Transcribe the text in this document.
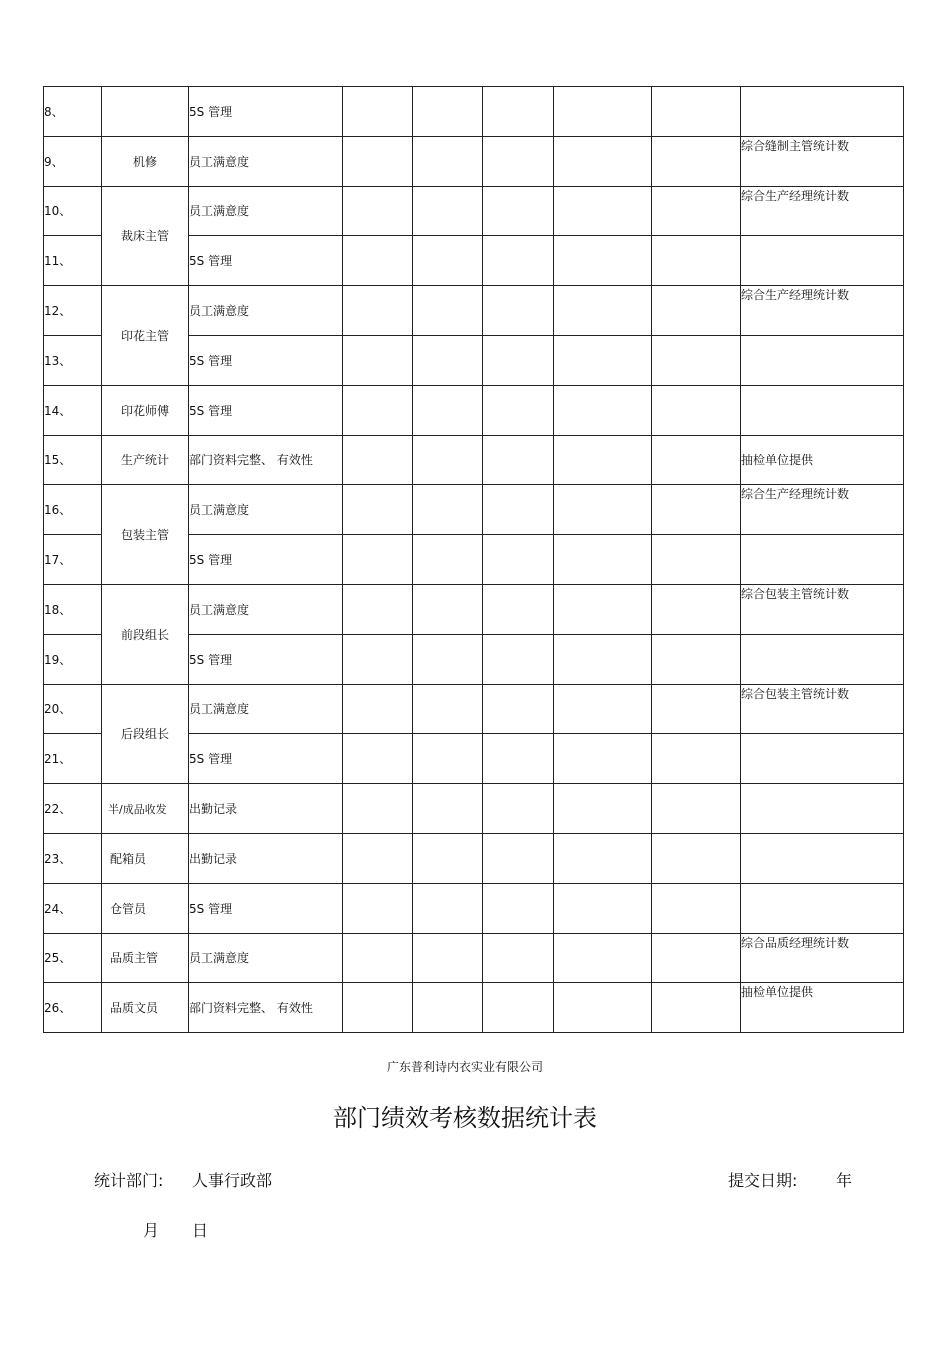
8、		5S 管理						
9、	机修	员工满意度						综合缝制主管统计数
10、	裁床主管	员工满意度						综合生产经理统计数
11、		5S 管理						
12、	印花主管	员工满意度						综合生产经理统计数
13、		5S 管理						
14、	印花师傅	5S 管理						
15、	生产统计	部门资料完整、 有效性						抽检单位提供
16、	包装主管	员工满意度						综合生产经理统计数
17、		5S 管理						
18、	前段组长	员工满意度						综合包装主管统计数
19、		5S 管理						
20、	后段组长	员工满意度						综合包装主管统计数
21、		5S 管理						
22、	半/成品收发	出勤记录						
23、	配箱员	出勤记录						
24、	仓管员	5S 管理						
25、	品质主管	员工满意度						综合品质经理统计数
26、	品质文员	部门资料完整、 有效性						抽检单位提供
广东普利诗内衣实业有限公司
部门绩效考核数据统计表
统计部门: 人事行政部	提交日期: 年
月 日
